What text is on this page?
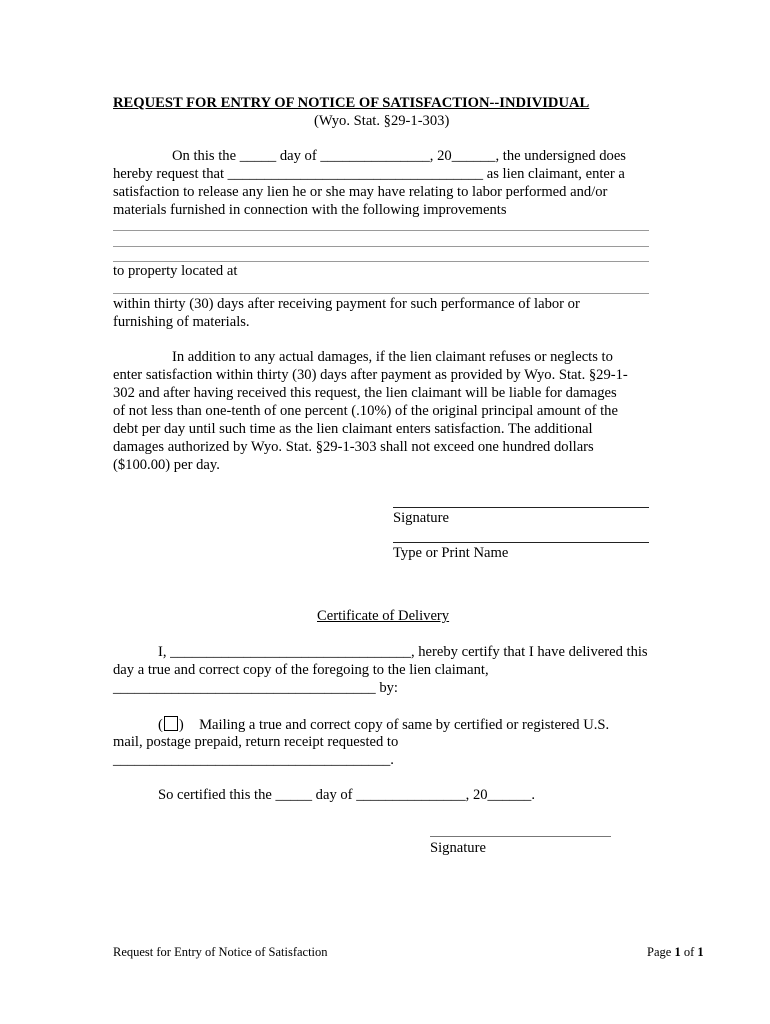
REQUEST FOR ENTRY OF NOTICE OF SATISFACTION--INDIVIDUAL
(Wyo. Stat. §29-1-303)
On this the _____ day of _______________, 20______, the undersigned does
hereby request that ___________________________________ as lien claimant, enter a
satisfaction to release any lien he or she may have relating to labor performed and/or
materials furnished in connection with the following improvements
to property located at
within thirty (30) days after receiving payment for such performance of labor or
furnishing of materials.
In addition to any actual damages, if the lien claimant refuses or neglects to
enter satisfaction within thirty (30) days after payment as provided by Wyo. Stat. §29-1-
302 and after having received this request, the lien claimant will be liable for damages
of not less than one-tenth of one percent (.10%) of the original principal amount of the
debt per day until such time as the lien claimant enters satisfaction. The additional
damages authorized by Wyo. Stat. §29-1-303 shall not exceed one hundred dollars
($100.00) per day.
Signature
Type or Print Name
Certificate of Delivery
I, _________________________________, hereby certify that I have delivered this
day a true and correct copy of the foregoing to the lien claimant,
____________________________________ by:
( ) Mailing a true and correct copy of same by certified or registered U.S.
mail, postage prepaid, return receipt requested to
______________________________________.
So certified this the _____ day of _______________, 20______.
Signature
Request for Entry of Notice of Satisfaction	Page 1 of 1
